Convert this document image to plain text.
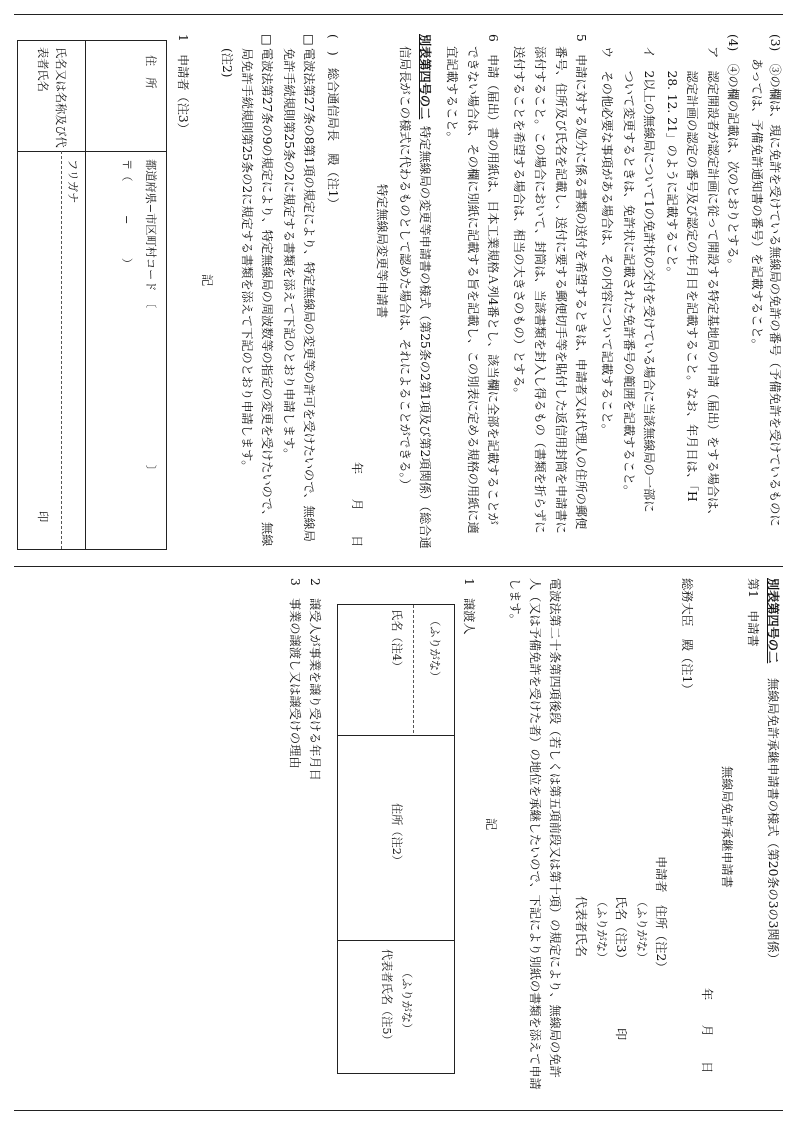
(3)　③の欄は、現に免許を受けている無線局の免許の番号（予備免許を受けているものに
　　あっては、予備免許通知書の番号）を記載すること。
(4)　④の欄の記載は、次のとおりとする。
　ア　認定開設者が認定計画に従って開設する特定基地局の申請（届出）をする場合は、
　　　認定計画の認定の番号及び認定の年月日を記載すること。なお、年月日は、「H
　　　28. 12. 21」のように記載すること。
　イ　2以上の無線局について1の免許状の交付を受けている場合に当該無線局の一部に
　　　ついて変更するときは、免許状に記載された免許番号の範囲を記載すること。
　ウ　その他必要な事項がある場合は、その内容について記載すること。
5　申請に対する処分に係る書類の送付を希望するときは、申請者又は代理人の住所の郵便
　番号、住所及び氏名を記載し、送付に要する郵便切手等を貼付した返信用封筒を申請書に
　添付すること。この場合において、封筒は、当該書類を封入し得るもの（書類を折らずに
　送付することを希望する場合は、相当の大きさのもの）とする。
6　申請（届出）書の用紙は、日本工業規格Ａ列4番とし、該当欄に全部を記載することが
　できない場合は、その欄に別紙に記載する旨を記載し、この別表に定める規格の用紙に適
　宜記載すること。
別表第四号の二
特定無線局の変更等申請書の様式（第25条の2第1項及び第2項関係）（総合通
信局長がこの様式に代わるものとして認めた場合は、それによることができる。）
特定無線局変更等申請書
年　　月　　日
(　)　総合通信局長　殿（注1）
□
電波法第27条の8第1項の規定により、特定無線局の変更等の許可を受けたいので、無線局
免許手続規則第25条の2に規定する書類を添えて下記のとおり申請します。
□
電波法第27条の9の規定により、特定無線局の周波数等の指定の変更を受けたいので、無線
局免許手続規則第25条の2に規定する書類を添えて下記のとおり申請します。
(注2)
記
1　申請者（注3）
住　所
都道府県−市区町村コード　〔　　　　　　　　　　　　　　〕
〒（　　　−　　　）
フリガナ
氏名又は名称及び代
表者氏名
印
別表第四号の二
無線局免許承継申請書の様式（第20条の3の3関係）
第1　申請書
無線局免許承継申請書
年　　月　　日
総務大臣　殿（注1）
申請者　住所（注2）
（ふりがな）
氏名（注3）
印
（ふりがな）
代表者氏名
電波法第二十条第四項後段（若しくは第五項前段又は第十項）の規定により、無線局の免許
人（又は予備免許を受けた者）の地位を承継したいので、下記により別紙の書類を添えて申請
します。
記
1　譲渡人
（ふりがな）
氏名（注4）
住所（注2）
（ふりがな）
代表者氏名（注5）
2　譲受人が事業を譲り受ける年月日
3　事業の譲渡し又は譲受けの理由
